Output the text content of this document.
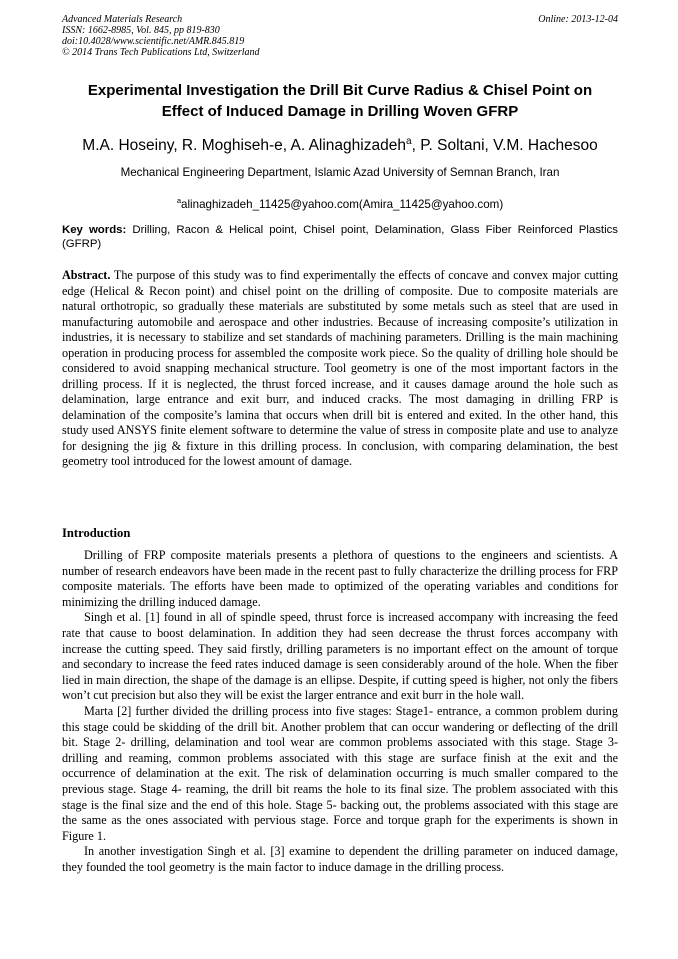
Advanced Materials Research
ISSN: 1662-8985, Vol. 845, pp 819-830
doi:10.4028/www.scientific.net/AMR.845.819
© 2014 Trans Tech Publications Ltd, Switzerland
Online: 2013-12-04
Experimental Investigation the Drill Bit Curve Radius & Chisel Point on
Effect of Induced Damage in Drilling Woven GFRP
M.A. Hoseiny, R. Moghiseh-e, A. Alinaghizadeh$^a$, P. Soltani, V.M. Hachesoo
Mechanical Engineering Department, Islamic Azad University of Semnan Branch, Iran
$^a$alinaghizadeh_11425@yahoo.com(Amira_11425@yahoo.com)
Key words: Drilling, Racon & Helical point, Chisel point, Delamination, Glass Fiber Reinforced Plastics (GFRP)
Abstract. The purpose of this study was to find experimentally the effects of concave and convex major cutting edge (Helical & Recon point) and chisel point on the drilling of composite. Due to composite materials are natural orthotropic, so gradually these materials are substituted by some metals such as steel that are used in manufacturing automobile and aerospace and other industries. Because of increasing composite’s utilization in industries, it is necessary to stabilize and set standards of machining parameters. Drilling is the main machining operation in producing process for assembled the composite work piece. So the quality of drilling hole should be considered to avoid snapping mechanical structure. Tool geometry is one of the most important factors in the drilling process. If it is neglected, the thrust forced increase, and it causes damage around the hole such as delamination, large entrance and exit burr, and induced cracks. The most damaging in drilling FRP is delamination of the composite’s lamina that occurs when drill bit is entered and exited. In the other hand, this study used ANSYS finite element software to determine the value of stress in composite plate and use to analyze for designing the jig & fixture in this drilling process. In conclusion, with comparing delamination, the best geometry tool introduced for the lowest amount of damage.
Introduction

Drilling of FRP composite materials presents a plethora of questions to the engineers and scientists. A number of research endeavors have been made in the recent past to fully characterize the drilling process for FRP composite materials. The efforts have been made to optimized of the operating variables and conditions for minimizing the drilling induced damage.

Singh et al. [1] found in all of spindle speed, thrust force is increased accompany with increasing the feed rate that cause to boost delamination. In addition they had seen decrease the thrust forces accompany with increase the cutting speed. They said firstly, drilling parameters is no important effect on the amount of torque and secondary to increase the feed rates induced damage is seen considerably around of the hole. When the fiber lied in main direction, the shape of the damage is an ellipse. Despite, if cutting speed is higher, not only the fibers won’t cut precision but also they will be exist the larger entrance and exit burr in the hole wall.

Marta [2] further divided the drilling process into five stages: Stage1- entrance, a common problem during this stage could be skidding of the drill bit. Another problem that can occur wandering or deflecting of the drill bit. Stage 2- drilling, delamination and tool wear are common problems associated with this stage. Stage 3- drilling and reaming, common problems associated with this stage are surface finish at the exit and the occurrence of delamination at the exit. The risk of delamination occurring is much smaller compared to the previous stage. Stage 4- reaming, the drill bit reams the hole to its final size. The problem associated with this stage is the final size and the end of this hole. Stage 5- backing out, the problems associated with this stage are the same as the ones associated with pervious stage. Force and torque graph for the experiments is shown in Figure 1.

In another investigation Singh et al. [3] examine to dependent the drilling parameter on induced damage, they founded the tool geometry is the main factor to induce damage in the drilling process.
